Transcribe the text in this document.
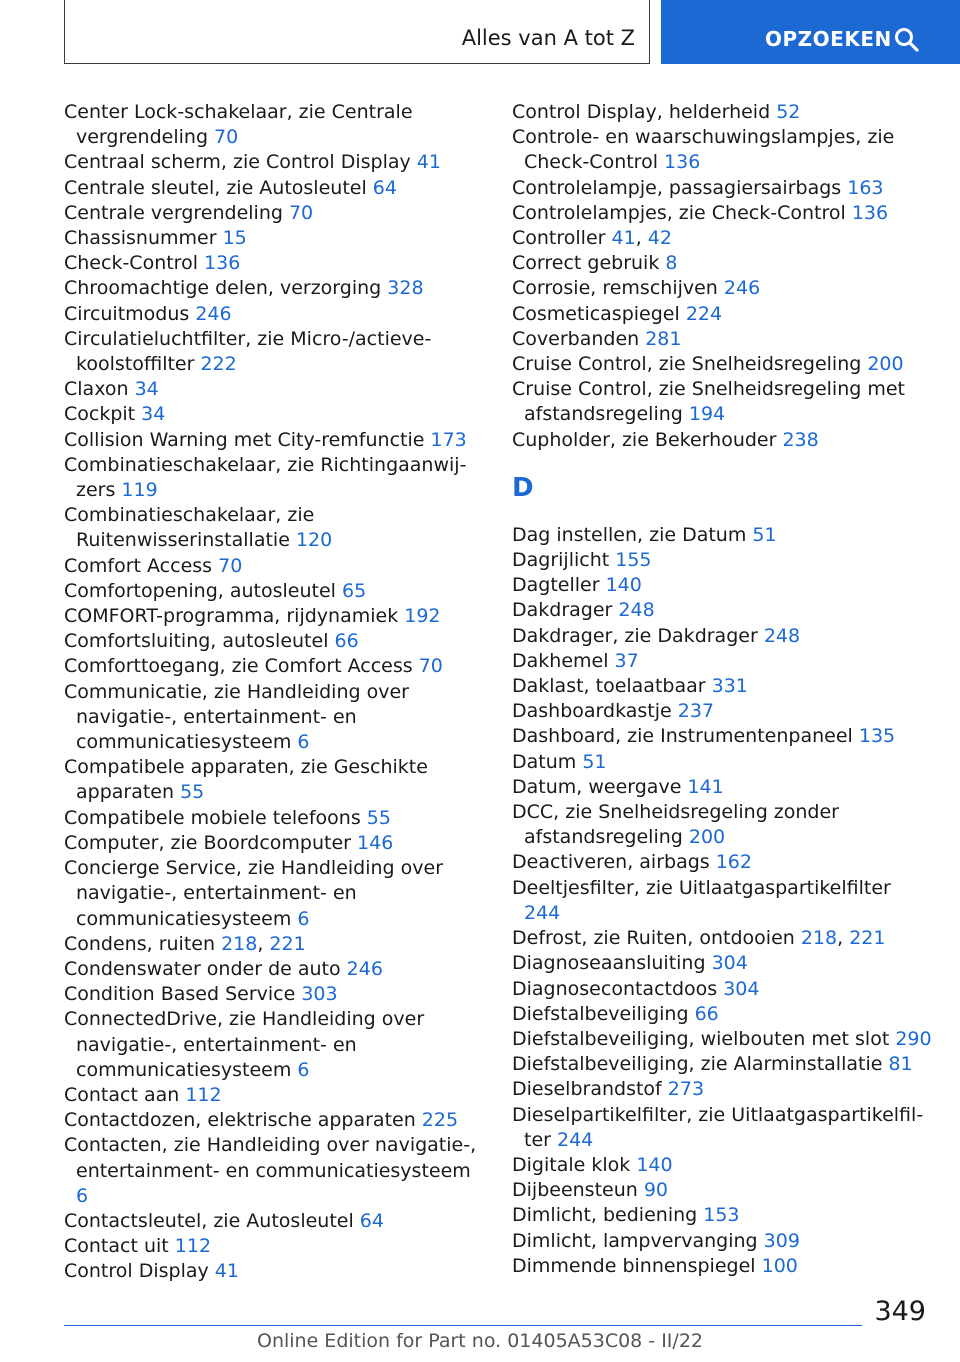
Alles van A tot Z	OPZOEKEN

Center Lock-schakelaar, zie Centrale vergrendeling 70

Centraal scherm, zie Control Display 41

Centrale sleutel, zie Autosleutel 64

Centrale vergrendeling 70

Chassisnummer 15

Check-Control 136

Chroomachtige delen, verzorging 328

Circuitmodus 246

Circulatieluchtfilter, zie Micro-/actieve-koolstoffilter 222

Claxon 34

Cockpit 34

Collision Warning met City-remfunctie 173

Combinatieschakelaar, zie Richtingaanwijzers 119

Combinatieschakelaar, zie Ruitenwisserinstallatie 120

Comfort Access 70

Comfortopening, autosleutel 65

COMFORT-programma, rijdynamiek 192

Comfortsluiting, autosleutel 66

Comforttoegang, zie Comfort Access 70

Communicatie, zie Handleiding over navigatie-, entertainment- en communicatiesysteem 6

Compatibele apparaten, zie Geschikte apparaten 55

Compatibele mobiele telefoons 55

Computer, zie Boordcomputer 146

Concierge Service, zie Handleiding over navigatie-, entertainment- en communicatiesysteem 6

Condens, ruiten 218, 221

Condenswater onder de auto 246

Condition Based Service 303

ConnectedDrive, zie Handleiding over navigatie-, entertainment- en communicatiesysteem 6

Contact aan 112

Contactdozen, elektrische apparaten 225

Contacten, zie Handleiding over navigatie-, entertainment- en communicatiesysteem 6

Contactsleutel, zie Autosleutel 64

Contact uit 112

Control Display 41

Control Display, helderheid 52

Controle- en waarschuwingslampjes, zie Check-Control 136

Controlelampje, passagiersairbags 163

Controlelampjes, zie Check-Control 136

Controller 41, 42

Correct gebruik 8

Corrosie, remschijven 246

Cosmeticaspiegel 224

Coverbanden 281

Cruise Control, zie Snelheidsregeling 200

Cruise Control, zie Snelheidsregeling met afstandsregeling 194

Cupholder, zie Bekerhouder 238

D

Dag instellen, zie Datum 51

Dagrijlicht 155

Dagteller 140

Dakdrager 248

Dakdrager, zie Dakdrager 248

Dakhemel 37

Daklast, toelaatbaar 331

Dashboardkastje 237

Dashboard, zie Instrumentenpaneel 135

Datum 51

Datum, weergave 141

DCC, zie Snelheidsregeling zonder afstandsregeling 200

Deactiveren, airbags 162

Deeltjesfilter, zie Uitlaatgaspartikelfilter 244

Defrost, zie Ruiten, ontdooien 218, 221

Diagnoseaansluiting 304

Diagnosecontactdoos 304

Diefstalbeveiliging 66

Diefstalbeveiliging, wielbouten met slot 290

Diefstalbeveiliging, zie Alarminstallatie 81

Dieselbrandstof 273

Dieselpartikelfilter, zie Uitlaatgaspartikelfilter 244

Digitale klok 140

Dijbeensteun 90

Dimlicht, bediening 153

Dimlicht, lampvervanging 309

Dimmende binnenspiegel 100

349
Online Edition for Part no. 01405A53C08 - II/22
